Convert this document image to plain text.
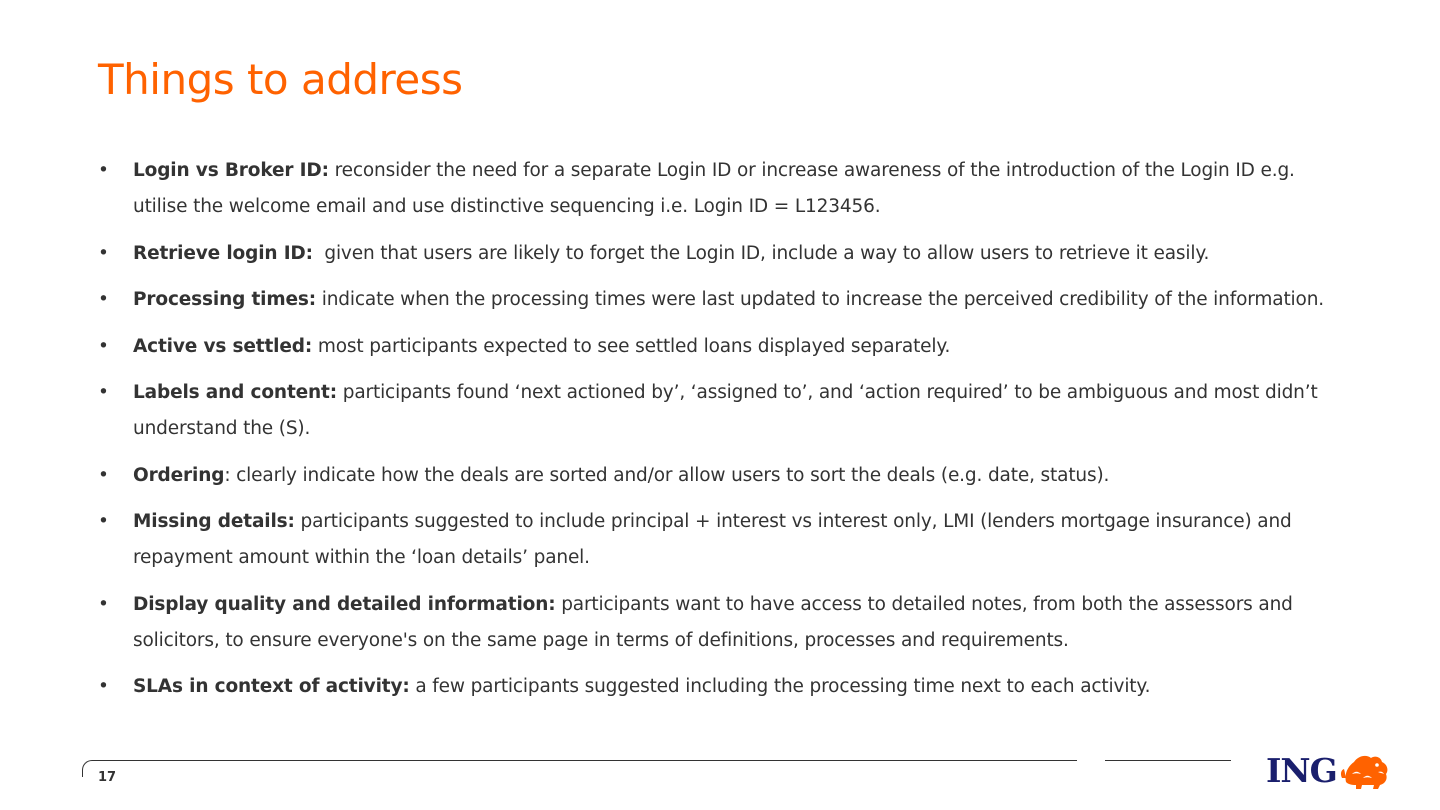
Things to address
• Login vs Broker ID: reconsider the need for a separate Login ID or increase awareness of the introduction of the Login ID e.g. utilise the welcome email and use distinctive sequencing i.e. Login ID = L123456.
• Retrieve login ID:  given that users are likely to forget the Login ID, include a way to allow users to retrieve it easily.
• Processing times: indicate when the processing times were last updated to increase the perceived credibility of the information.
• Active vs settled: most participants expected to see settled loans displayed separately.
• Labels and content: participants found ‘next actioned by’, ‘assigned to’, and ‘action required’ to be ambiguous and most didn’t understand the (S).
• Ordering: clearly indicate how the deals are sorted and/or allow users to sort the deals (e.g. date, status).
• Missing details: participants suggested to include principal + interest vs interest only, LMI (lenders mortgage insurance) and repayment amount within the ‘loan details’ panel.
• Display quality and detailed information: participants want to have access to detailed notes, from both the assessors and solicitors, to ensure everyone's on the same page in terms of definitions, processes and requirements.
• SLAs in context of activity: a few participants suggested including the processing time next to each activity.
17	ING
